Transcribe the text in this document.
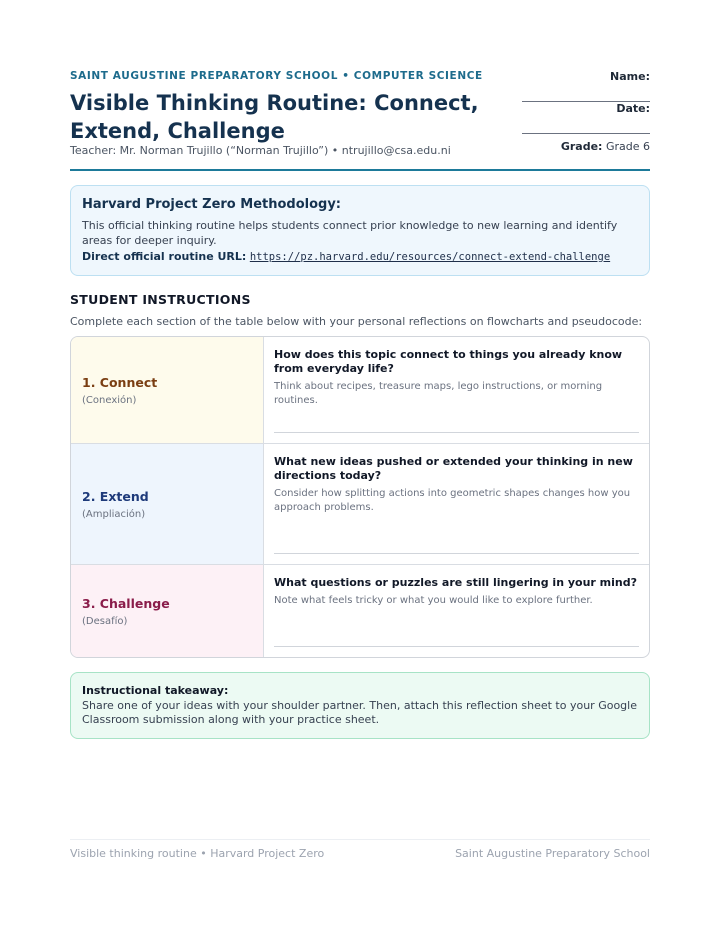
SAINT AUGUSTINE PREPARATORY SCHOOL • COMPUTER SCIENCE
Visible Thinking Routine: Connect, Extend, Challenge
Teacher: Mr. Norman Trujillo (“Norman Trujillo”) • ntrujillo@csa.edu.ni
Name:
Date:
Grade: Grade 6
Harvard Project Zero Methodology:

This official thinking routine helps students connect prior knowledge to new learning and identify areas for deeper inquiry.

Direct official routine URL: https://pz.harvard.edu/resources/connect-extend-challenge
STUDENT INSTRUCTIONS
Complete each section of the table below with your personal reflections on flowcharts and pseudocode:
1. Connect
(Conexión)
How does this topic connect to things you already know from everyday life?
Think about recipes, treasure maps, lego instructions, or morning routines.
2. Extend
(Ampliación)
What new ideas pushed or extended your thinking in new directions today?
Consider how splitting actions into geometric shapes changes how you approach problems.
3. Challenge
(Desafío)
What questions or puzzles are still lingering in your mind?
Note what feels tricky or what you would like to explore further.
Instructional takeaway:

Share one of your ideas with your shoulder partner. Then, attach this reflection sheet to your Google Classroom submission along with your practice sheet.

Visible thinking routine • Harvard Project Zero	Saint Augustine Preparatory School
